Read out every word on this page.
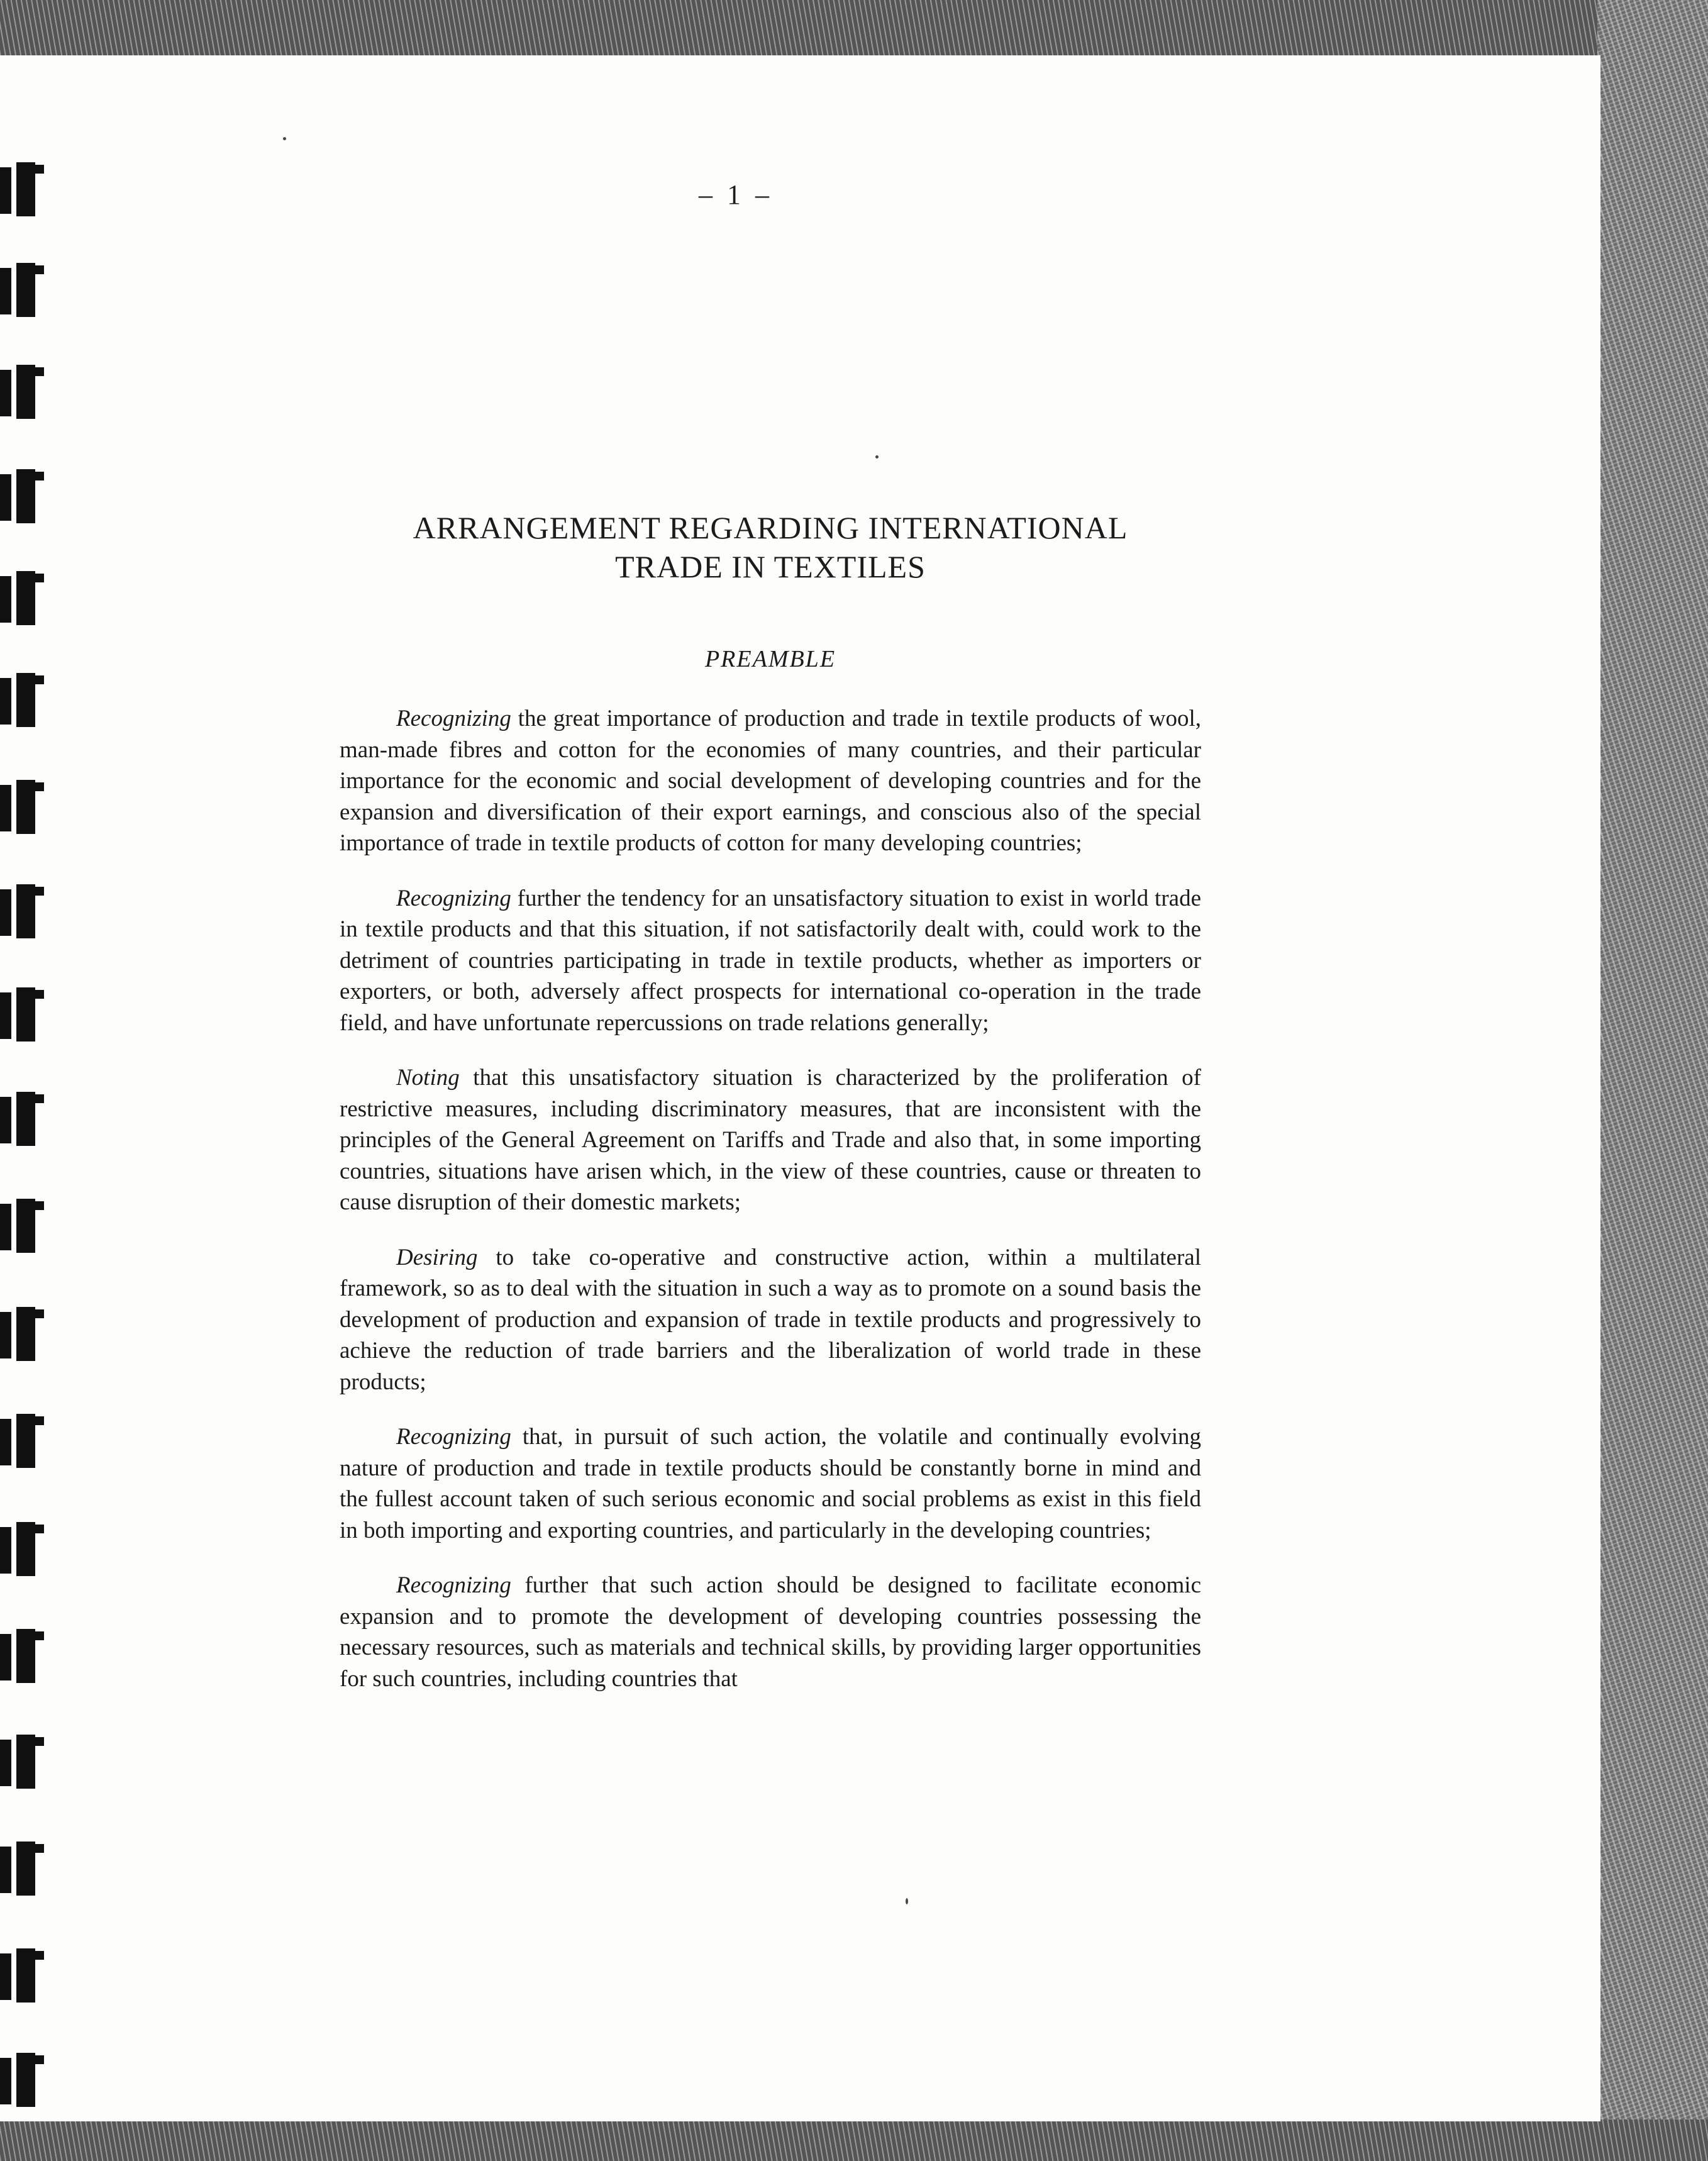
– 1 –
ARRANGEMENT REGARDING INTERNATIONAL
TRADE IN TEXTILES
PREAMBLE

Recognizing the great importance of production and trade in textile products of wool, man-made fibres and cotton for the economies of many countries, and their particular importance for the economic and social development of developing countries and for the expansion and diversification of their export earnings, and conscious also of the special importance of trade in textile products of cotton for many developing countries;

Recognizing further the tendency for an unsatisfactory situation to exist in world trade in textile products and that this situation, if not satisfactorily dealt with, could work to the detriment of countries participating in trade in textile products, whether as importers or exporters, or both, adversely affect prospects for international co-operation in the trade field, and have unfortunate repercussions on trade relations generally;

Noting that this unsatisfactory situation is characterized by the proliferation of restrictive measures, including discriminatory measures, that are inconsistent with the principles of the General Agreement on Tariffs and Trade and also that, in some importing countries, situations have arisen which, in the view of these countries, cause or threaten to cause disruption of their domestic markets;

Desiring to take co-operative and constructive action, within a multilateral framework, so as to deal with the situation in such a way as to promote on a sound basis the development of production and expansion of trade in textile products and progressively to achieve the reduction of trade barriers and the liberalization of world trade in these products;

Recognizing that, in pursuit of such action, the volatile and continually evolving nature of production and trade in textile products should be constantly borne in mind and the fullest account taken of such serious economic and social problems as exist in this field in both importing and exporting countries, and particularly in the developing countries;

Recognizing further that such action should be designed to facilitate economic expansion and to promote the development of developing countries possessing the necessary resources, such as materials and technical skills, by providing larger opportunities for such countries, including countries that
